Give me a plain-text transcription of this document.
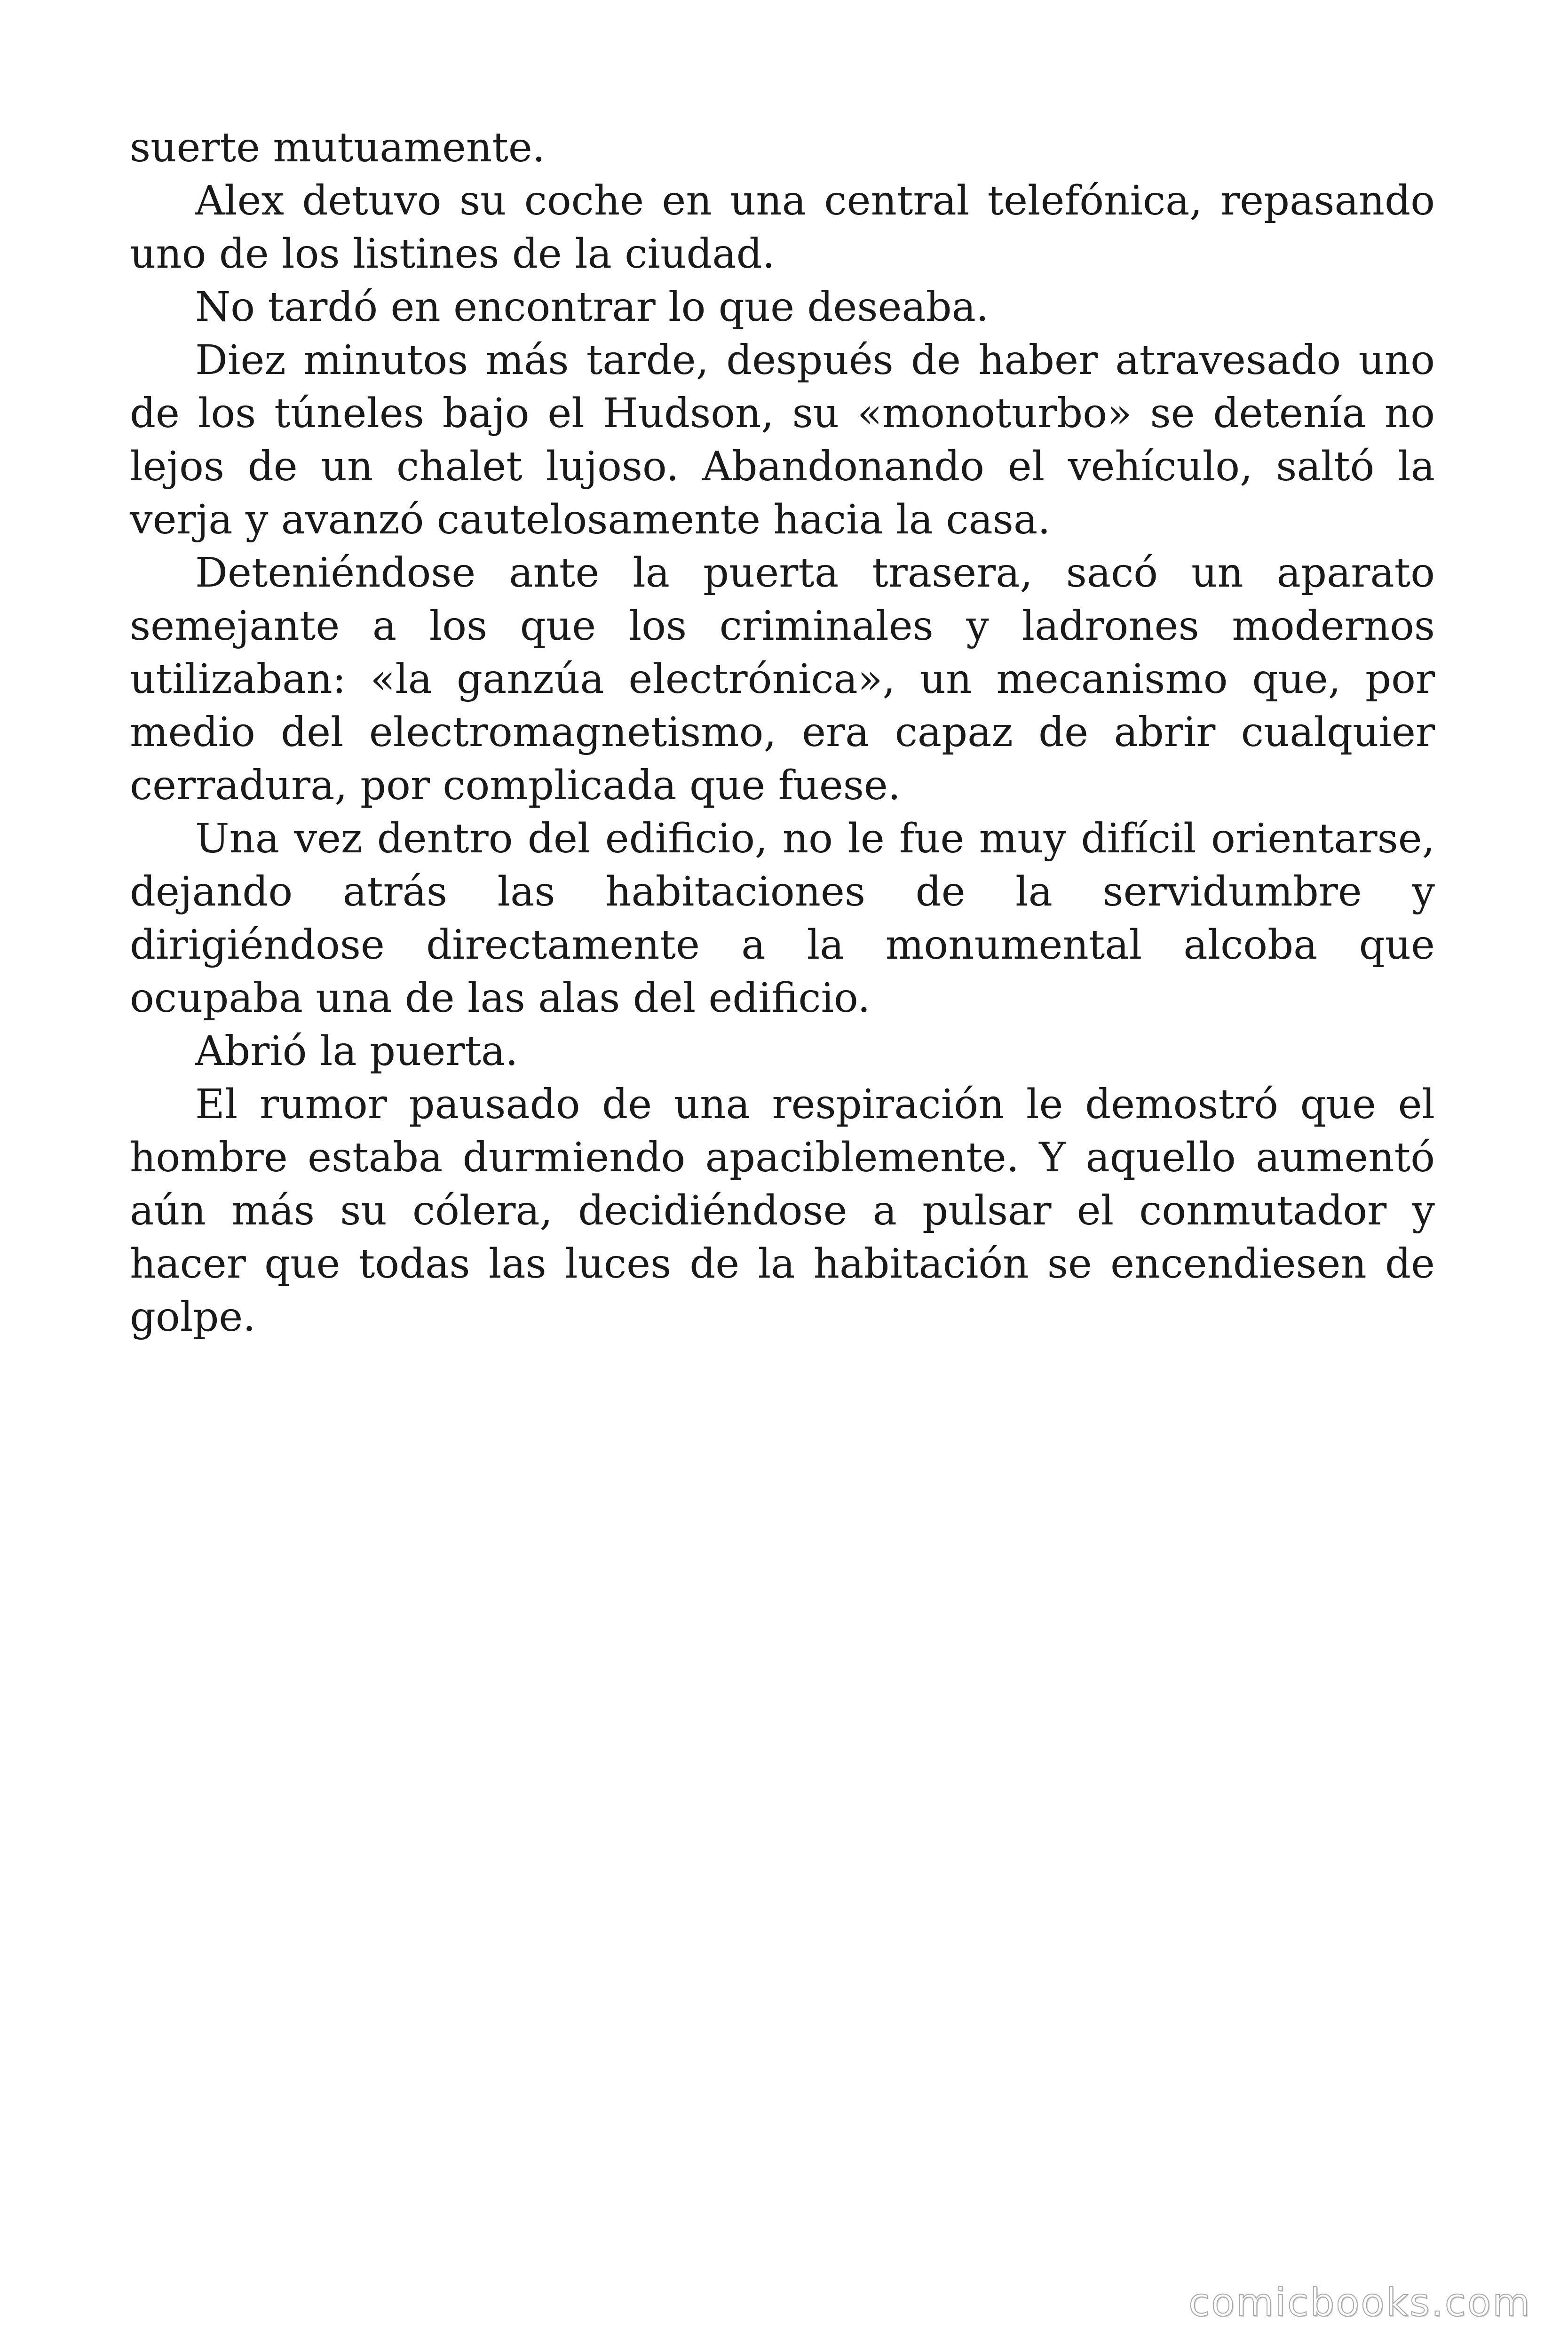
suerte mutuamente.

Alex detuvo su coche en una central telefónica, repasando uno de los listines de la ciudad.

No tardó en encontrar lo que deseaba.

Diez minutos más tarde, después de haber atravesado uno de los túneles bajo el Hudson, su «monoturbo» se detenía no lejos de un chalet lujoso. Abandonando el vehículo, saltó la verja y avanzó cautelosamente hacia la casa.

Deteniéndose ante la puerta trasera, sacó un aparato semejante a los que los criminales y ladrones modernos utilizaban: «la ganzúa electrónica», un mecanismo que, por medio del electromagnetismo, era capaz de abrir cualquier cerradura, por complicada que fuese.

Una vez dentro del edificio, no le fue muy difícil orientarse, dejando atrás las habitaciones de la servidumbre y dirigiéndose directamente a la monumental alcoba que ocupaba una de las alas del edificio.

Abrió la puerta.

El rumor pausado de una respiración le demostró que el hombre estaba durmiendo apaciblemente. Y aquello aumentó aún más su cólera, decidiéndose a pulsar el conmutador y hacer que todas las luces de la habitación se encendiesen de golpe.

comicbooks.com
